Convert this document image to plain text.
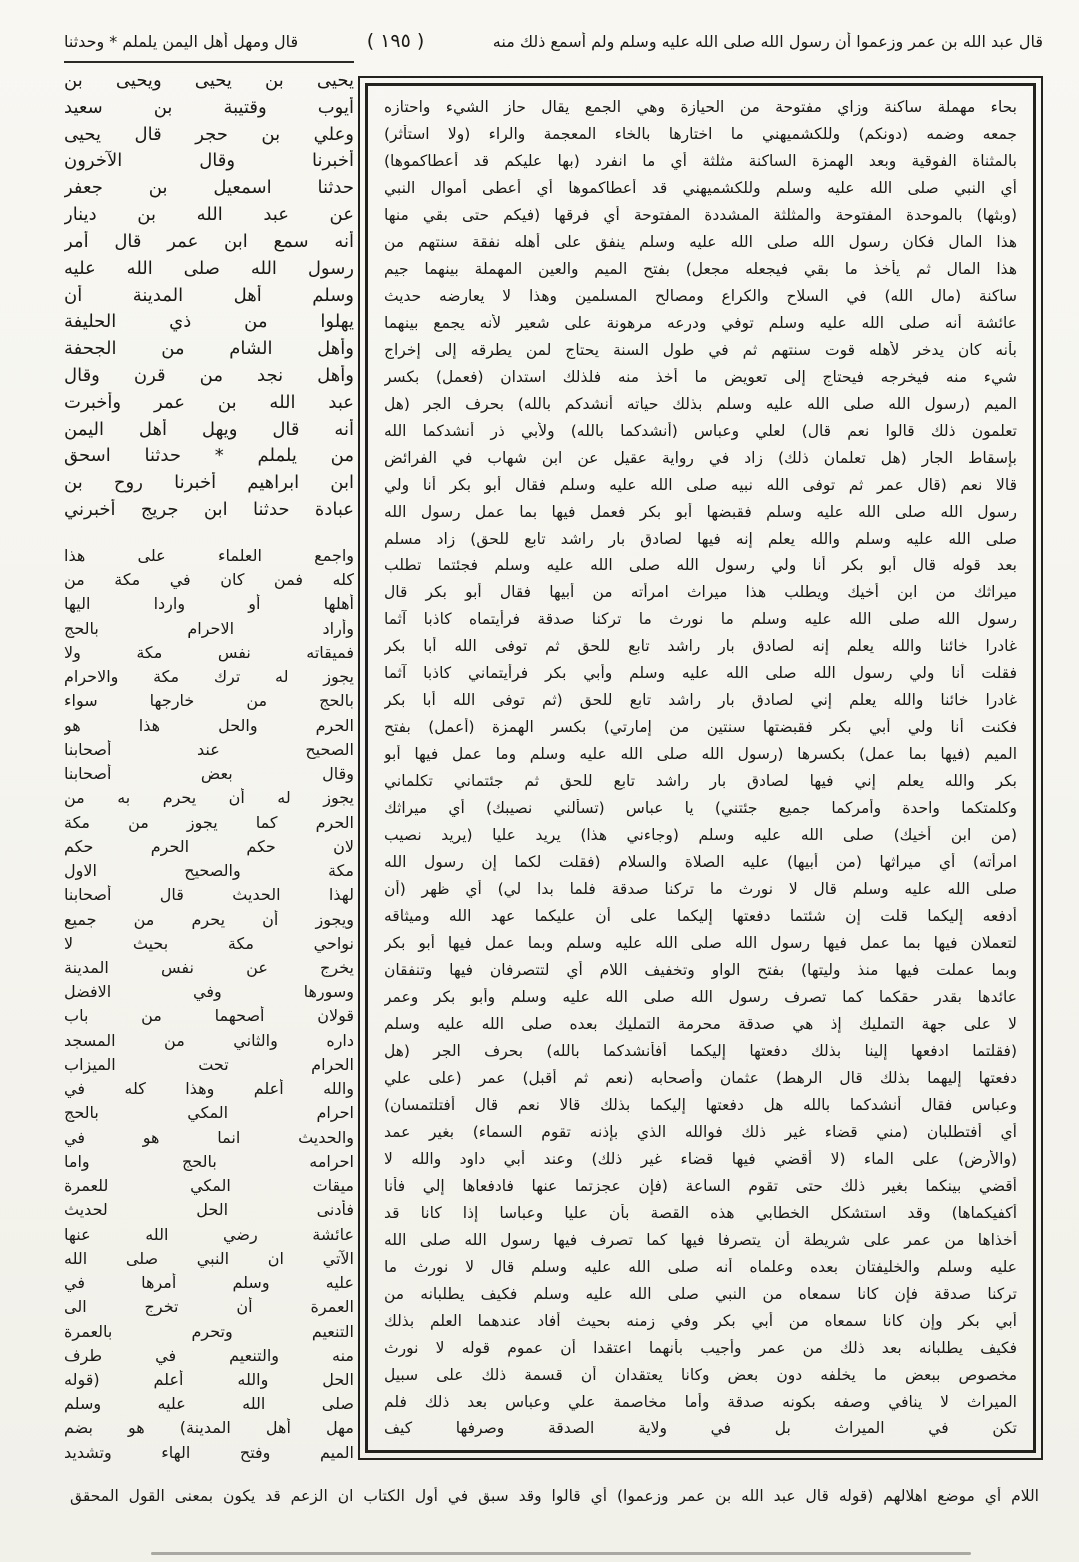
قال عبد الله بن عمر وزعموا أن رسول الله صلى الله عليه وسلم ولم أسمع ذلك منه
( ١٩٥ )
قال ومهل أهل اليمن يلملم * وحدثنا
يحيى بن يحيى ويحيى بن
أيوب وقتيبة بن سعيد
وعلي بن حجر قال يحيى
أخبرنا وقال الآخرون
حدثنا اسمعيل بن جعفر
عن عبد الله بن دينار
أنه سمع ابن عمر قال أمر
رسول الله صلى الله عليه
وسلم أهل المدينة أن
يهلوا من ذي الحليفة
وأهل الشام من الجحفة
وأهل نجد من قرن وقال
عبد الله بن عمر وأخبرت
أنه قال ويهل أهل اليمن
من يلملم * حدثنا اسحق
ابن ابراهيم أخبرنا روح بن
عبادة حدثنا ابن جريج أخبرني
واجمع العلماء على هذا
كله فمن كان في مكة من
أهلها أو واردا اليها
وأراد الاحرام بالحج
فميقاته نفس مكة ولا
يجوز له ترك مكة والاحرام
بالحج من خارجها سواء
الحرم والحل هذا هو
الصحيح عند أصحابنا
وقال بعض أصحابنا
يجوز له أن يحرم به من
الحرم كما يجوز من مكة
لان حكم الحرم حكم
مكة والصحيح الاول
لهذا الحديث قال أصحابنا
ويجوز أن يحرم من جميع
نواحي مكة بحيث لا
يخرج عن نفس المدينة
وسورها وفي الافضل
قولان أصحهما من باب
داره والثاني من المسجد
الحرام تحت الميزاب
والله أعلم وهذا كله في
احرام المكي بالحج
والحديث انما هو في
احرامه بالحج واما
ميقات المكي للعمرة
فأدنى الحل لحديث
عائشة رضي الله عنها
الآتي ان النبي صلى الله
عليه وسلم أمرها في
العمرة أن تخرج الى
التنعيم وتحرم بالعمرة
منه والتنعيم في طرف
الحل والله أعلم (قوله
صلى الله عليه وسلم
مهل أهل المدينة) هو بضم
الميم وفتح الهاء وتشديد
بحاء مهملة ساكنة وزاي مفتوحة من الحيازة وهي الجمع يقال حاز الشيء واحتازه
جمعه وضمه (دونكم) وللكشميهني ما اختارها بالخاء المعجمة والراء (ولا استأثر)
بالمثناة الفوقية وبعد الهمزة الساكنة مثلثة أي ما انفرد (بها عليكم قد أعطاكموها)
أي النبي صلى الله عليه وسلم وللكشميهني قد أعطاكموها أي أعطى أموال النبي
(وبثها) بالموحدة المفتوحة والمثلثة المشددة المفتوحة أي فرقها (فيكم حتى بقي منها
هذا المال فكان رسول الله صلى الله عليه وسلم ينفق على أهله نفقة سنتهم من
هذا المال ثم يأخذ ما بقي فيجعله مجعل) بفتح الميم والعين المهملة بينهما جيم
ساكنة (مال الله) في السلاح والكراع ومصالح المسلمين وهذا لا يعارضه حديث
عائشة أنه صلى الله عليه وسلم توفي ودرعه مرهونة على شعير لأنه يجمع بينهما
بأنه كان يدخر لأهله قوت سنتهم ثم في طول السنة يحتاج لمن يطرقه إلى إخراج
شيء منه فيخرجه فيحتاج إلى تعويض ما أخذ منه فلذلك استدان (فعمل) بكسر
الميم (رسول الله صلى الله عليه وسلم بذلك حياته أنشدكم بالله) بحرف الجر (هل
تعلمون ذلك قالوا نعم قال) لعلي وعباس (أنشدكما بالله) ولأبي ذر أنشدكما الله
بإسقاط الجار (هل تعلمان ذلك) زاد في رواية عقيل عن ابن شهاب في الفرائض
قالا نعم (قال عمر ثم توفى الله نبيه صلى الله عليه وسلم فقال أبو بكر أنا ولي
رسول الله صلى الله عليه وسلم فقبضها أبو بكر فعمل فيها بما عمل رسول الله
صلى الله عليه وسلم والله يعلم إنه فيها لصادق بار راشد تابع للحق) زاد مسلم
بعد قوله قال أبو بكر أنا ولي رسول الله صلى الله عليه وسلم فجئتما تطلب
ميراثك من ابن أخيك ويطلب هذا ميراث امرأته من أبيها فقال أبو بكر قال
رسول الله صلى الله عليه وسلم ما نورث ما تركنا صدقة فرأيتماه كاذبا آثما
غادرا خائنا والله يعلم إنه لصادق بار راشد تابع للحق ثم توفى الله أبا بكر
فقلت أنا ولي رسول الله صلى الله عليه وسلم وأبي بكر فرأيتماني كاذبا آثما
غادرا خائنا والله يعلم إني لصادق بار راشد تابع للحق (ثم توفى الله أبا بكر
فكنت أنا ولي أبي بكر فقبضتها سنتين من إمارتي) بكسر الهمزة (أعمل) بفتح
الميم (فيها بما عمل) بكسرها (رسول الله صلى الله عليه وسلم وما عمل فيها أبو
بكر والله يعلم إني فيها لصادق بار راشد تابع للحق ثم جئتماني تكلماني
وكلمتكما واحدة وأمركما جميع جئتني) يا عباس (تسألني نصيبك) أي ميراثك
(من ابن أخيك) صلى الله عليه وسلم (وجاءني هذا) يريد عليا (يريد نصيب
امرأته) أي ميراثها (من أبيها) عليه الصلاة والسلام (فقلت لكما إن رسول الله
صلى الله عليه وسلم قال لا نورث ما تركنا صدقة فلما بدا لي) أي ظهر (أن
أدفعه إليكما قلت إن شئتما دفعتها إليكما على أن عليكما عهد الله وميثاقه
لتعملان فيها بما عمل فيها رسول الله صلى الله عليه وسلم وبما عمل فيها أبو بكر
وبما عملت فيها منذ وليتها) بفتح الواو وتخفيف اللام أي لتتصرفان فيها وتنفقان
عائدها بقدر حقكما كما تصرف رسول الله صلى الله عليه وسلم وأبو بكر وعمر
لا على جهة التمليك إذ هي صدقة محرمة التمليك بعده صلى الله عليه وسلم
(فقلتما ادفعها إلينا بذلك دفعتها إليكما أفأنشدكما بالله) بحرف الجر (هل
دفعتها إليهما بذلك قال الرهط) عثمان وأصحابه (نعم ثم أقبل) عمر (على علي
وعباس فقال أنشدكما بالله هل دفعتها إليكما بذلك قالا نعم قال أفتلتمسان)
أي أفتطلبان (مني قضاء غير ذلك فوالله الذي بإذنه تقوم السماء) بغير عمد
(والأرض) على الماء (لا أقضي فيها قضاء غير ذلك) وعند أبي داود والله لا
أقضي بينكما بغير ذلك حتى تقوم الساعة (فإن عجزتما عنها فادفعاها إلي فأنا
أكفيكماها) وقد استشكل الخطابي هذه القصة بأن عليا وعباسا إذا كانا قد
أخذاها من عمر على شريطة أن يتصرفا فيها كما تصرف فيها رسول الله صلى الله
عليه وسلم والخليفتان بعده وعلماه أنه صلى الله عليه وسلم قال لا نورث ما
تركنا صدقة فإن كانا سمعاه من النبي صلى الله عليه وسلم فكيف يطلبانه من
أبي بكر وإن كانا سمعاه من أبي بكر وفي زمنه بحيث أفاد عندهما العلم بذلك
فكيف يطلبانه بعد ذلك من عمر وأجيب بأنهما اعتقدا أن عموم قوله لا نورث
مخصوص ببعض ما يخلفه دون بعض وكانا يعتقدان أن قسمة ذلك على سبيل
الميراث لا ينافي وصفه بكونه صدقة وأما مخاصمة علي وعباس بعد ذلك فلم
تكن في الميراث بل في ولاية الصدقة وصرفها كيف
اللام أي موضع اهلالهم (قوله قال عبد الله بن عمر وزعموا) أي قالوا وقد سبق في أول الكتاب ان الزعم قد يكون بمعنى القول المحقق
